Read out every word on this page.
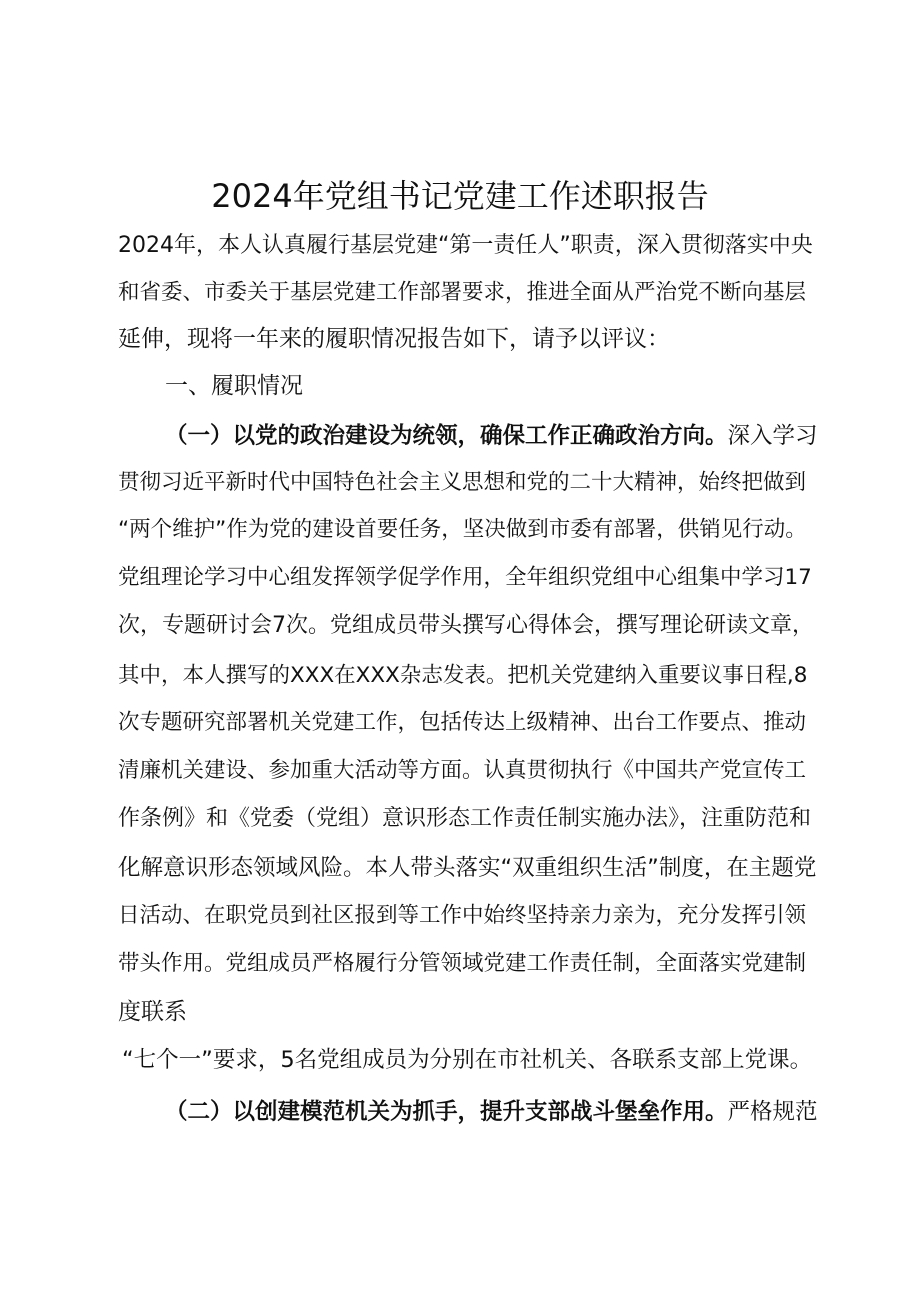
2024年党组书记党建工作述职报告
2024年，本人认真履行基层党建“第一责任人”职责，深入贯彻落实中央
和省委、市委关于基层党建工作部署要求，推进全面从严治党不断向基层
延伸，现将一年来的履职情况报告如下，请予以评议：
一、履职情况
（一）以党的政治建设为统领，确保工作正确政治方向。深入学习
贯彻习近平新时代中国特色社会主义思想和党的二十大精神，始终把做到
“两个维护”作为党的建设首要任务，坚决做到市委有部署，供销见行动。
党组理论学习中心组发挥领学促学作用，全年组织党组中心组集中学习17
次，专题研讨会7次。党组成员带头撰写心得体会，撰写理论研读文章，
其中，本人撰写的XXX在XXX杂志发表。把机关党建纳入重要议事日程,8
次专题研究部署机关党建工作，包括传达上级精神、出台工作要点、推动
清廉机关建设、参加重大活动等方面。认真贯彻执行《中国共产党宣传工
作条例》和《党委（党组）意识形态工作责任制实施办法》，注重防范和
化解意识形态领域风险。本人带头落实“双重组织生活”制度，在主题党
日活动、在职党员到社区报到等工作中始终坚持亲力亲为，充分发挥引领
带头作用。党组成员严格履行分管领域党建工作责任制，全面落实党建制
度联系
“七个一”要求，5名党组成员为分别在市社机关、各联系支部上党课。
（二）以创建模范机关为抓手，提升支部战斗堡垒作用。严格规范
